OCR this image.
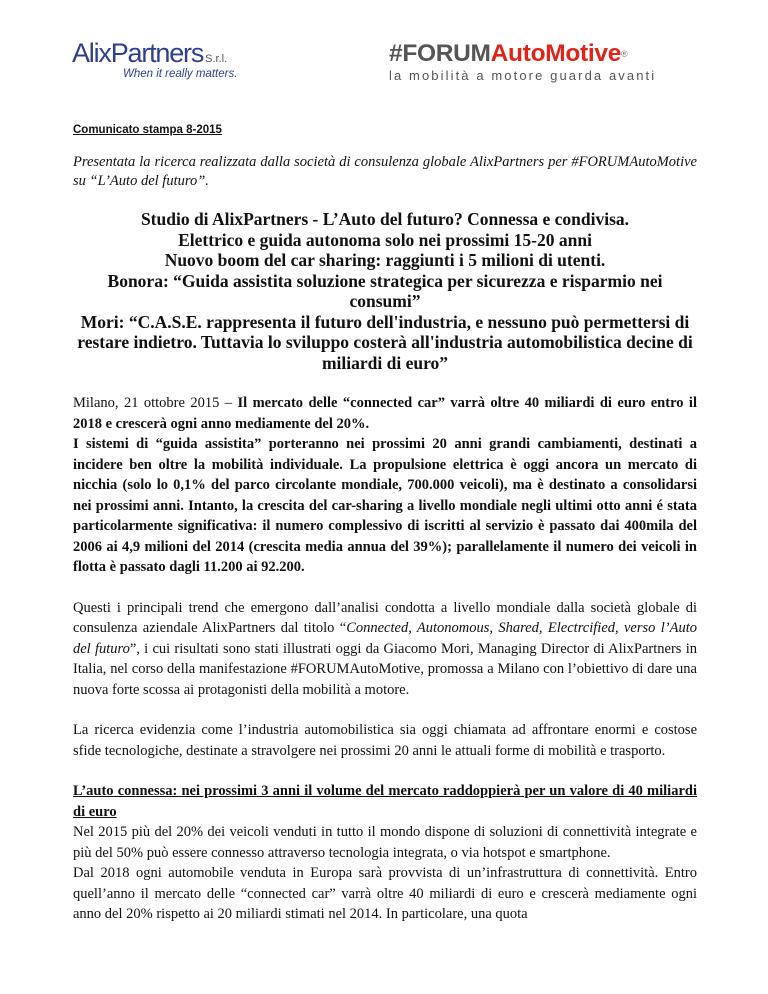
AlixPartners S.r.l.
When it really matters.
#FORUMAutoMotive®
la mobilità a motore guarda avanti

Comunicato stampa 8-2015

Presentata la ricerca realizzata dalla società di consulenza globale AlixPartners per #FORUMAutoMotive su “L’Auto del futuro”.

Studio di AlixPartners - L’Auto del futuro? Connessa e condivisa.
Elettrico e guida autonoma solo nei prossimi 15-20 anni
Nuovo boom del car sharing: raggiunti i 5 milioni di utenti.
Bonora: “Guida assistita soluzione strategica per sicurezza e risparmio nei consumi”
Mori: “C.A.S.E. rappresenta il futuro dell'industria, e nessuno può permettersi di restare indietro. Tuttavia lo sviluppo costerà all'industria automobilistica decine di miliardi di euro”

Milano, 21 ottobre 2015 – Il mercato delle “connected car” varrà oltre 40 miliardi di euro entro il 2018 e crescerà ogni anno mediamente del 20%.
I sistemi di “guida assistita” porteranno nei prossimi 20 anni grandi cambiamenti, destinati a incidere ben oltre la mobilità individuale. La propulsione elettrica è oggi ancora un mercato di nicchia (solo lo 0,1% del parco circolante mondiale, 700.000 veicoli), ma è destinato a consolidarsi nei prossimi anni. Intanto, la crescita del car-sharing a livello mondiale negli ultimi otto anni é stata particolarmente significativa: il numero complessivo di iscritti al servizio è passato dai 400mila del 2006 ai 4,9 milioni del 2014 (crescita media annua del 39%); parallelamente il numero dei veicoli in flotta è passato dagli 11.200 ai 92.200.

Questi i principali trend che emergono dall’analisi condotta a livello mondiale dalla società globale di consulenza aziendale AlixPartners dal titolo “Connected, Autonomous, Shared, Electrcified, verso l’Auto del futuro”, i cui risultati sono stati illustrati oggi da Giacomo Mori, Managing Director di AlixPartners in Italia, nel corso della manifestazione #FORUMAutoMotive, promossa a Milano con l’obiettivo di dare una nuova forte scossa ai protagonisti della mobilità a motore.

La ricerca evidenzia come l’industria automobilistica sia oggi chiamata ad affrontare enormi e costose sfide tecnologiche, destinate a stravolgere nei prossimi 20 anni le attuali forme di mobilità e trasporto.

L’auto connessa: nei prossimi 3 anni il volume del mercato raddoppierà per un valore di 40 miliardi di euro

Nel 2015 più del 20% dei veicoli venduti in tutto il mondo dispone di soluzioni di connettività integrate e più del 50% può essere connesso attraverso tecnologia integrata, o via hotspot e smartphone.

Dal 2018 ogni automobile venduta in Europa sarà provvista di un’infrastruttura di connettività. Entro quell’anno il mercato delle “connected car” varrà oltre 40 miliardi di euro e crescerà mediamente ogni anno del 20% rispetto ai 20 miliardi stimati nel 2014. In particolare, una quota
